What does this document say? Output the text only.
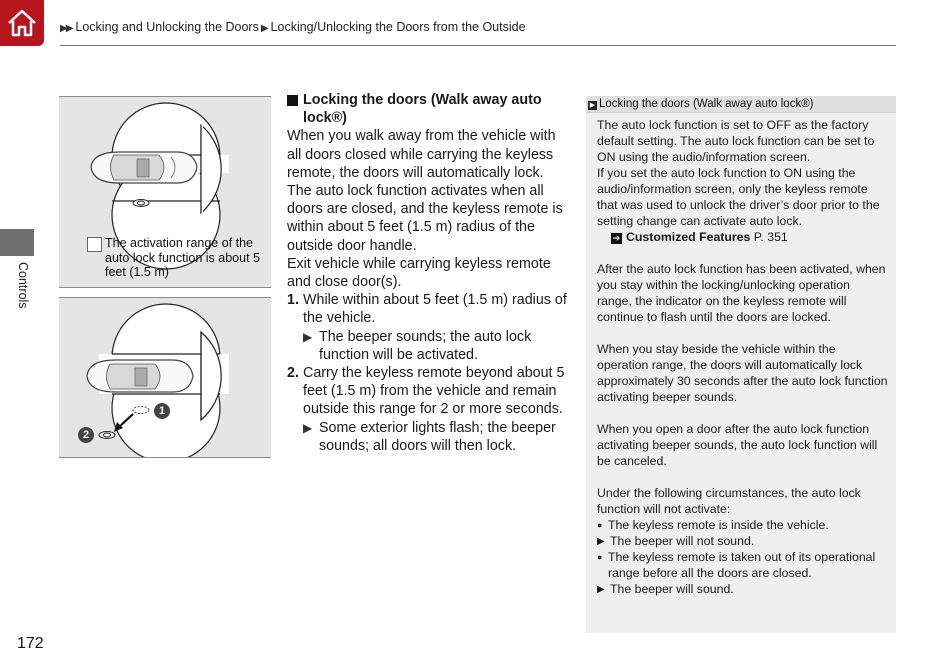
▶▶ Locking and Unlocking the Doors ▶ Locking/Unlocking the Doors from the Outside
Controls
The activation range of the auto lock function is about 5 feet (1.5 m)
1
2

Locking the doors (Walk away auto lock®)

When you walk away from the vehicle with all doors closed while carrying the keyless remote, the doors will automatically lock.

The auto lock function activates when all doors are closed, and the keyless remote is within about 5 feet (1.5 m) radius of the outside door handle.

Exit vehicle while carrying keyless remote and close door(s).

1. While within about 5 feet (1.5 m) radius of the vehicle.
▶ The beeper sounds; the auto lock function will be activated.
2. Carry the keyless remote beyond about 5 feet (1.5 m) from the vehicle and remain outside this range for 2 or more seconds.
▶ Some exterior lights flash; the beeper sounds; all doors will then lock.
▶ Locking the doors (Walk away auto lock®)

The auto lock function is set to OFF as the factory default setting. The auto lock function can be set to ON using the audio/information screen.

If you set the auto lock function to ON using the audio/information screen, only the keyless remote that was used to unlock the driver’s door prior to the setting change can activate auto lock.

➔ Customized Features P. 351

After the auto lock function has been activated, when you stay within the locking/unlocking operation range, the indicator on the keyless remote will continue to flash until the doors are locked.

When you stay beside the vehicle within the operation range, the doors will automatically lock approximately 30 seconds after the auto lock function activating beeper sounds.

When you open a door after the auto lock function activating beeper sounds, the auto lock function will be canceled.

Under the following circumstances, the auto lock function will not activate:

● The keyless remote is inside the vehicle.

▶ The beeper will not sound.

● The keyless remote is taken out of its operational range before all the doors are closed.

▶ The beeper will sound.

172
